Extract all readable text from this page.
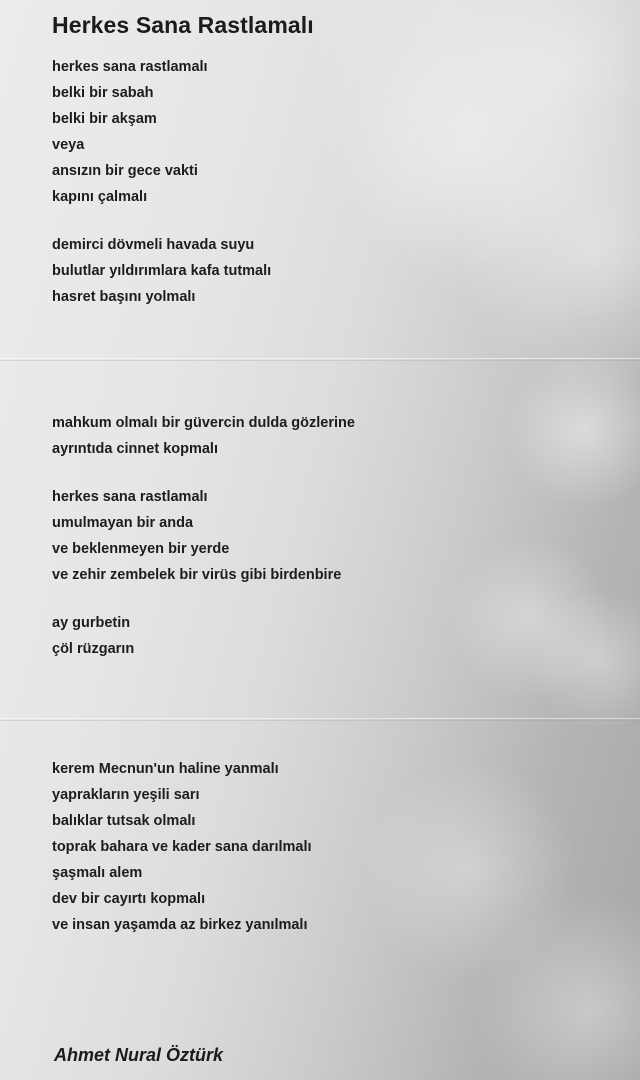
Herkes Sana Rastlamalı
herkes sana rastlamalı
belki bir sabah
belki bir akşam
veya
ansızın bir gece vakti
kapını çalmalı
demirci dövmeli havada suyu
bulutlar yıldırımlara kafa tutmalı
hasret başını yolmalı
mahkum olmalı bir güvercin dulda gözlerine
ayrıntıda cinnet kopmalı
herkes sana rastlamalı
umulmayan bir anda
ve beklenmeyen bir yerde
ve zehir zembelek bir virüs gibi birdenbire
ay gurbetin
çöl rüzgarın
kerem Mecnun'un haline yanmalı
yaprakların yeşili sarı
balıklar tutsak olmalı
toprak bahara ve kader sana darılmalı
şaşmalı alem
dev bir cayırtı kopmalı
ve insan yaşamda az birkez yanılmalı
Ahmet Nural Öztürk
